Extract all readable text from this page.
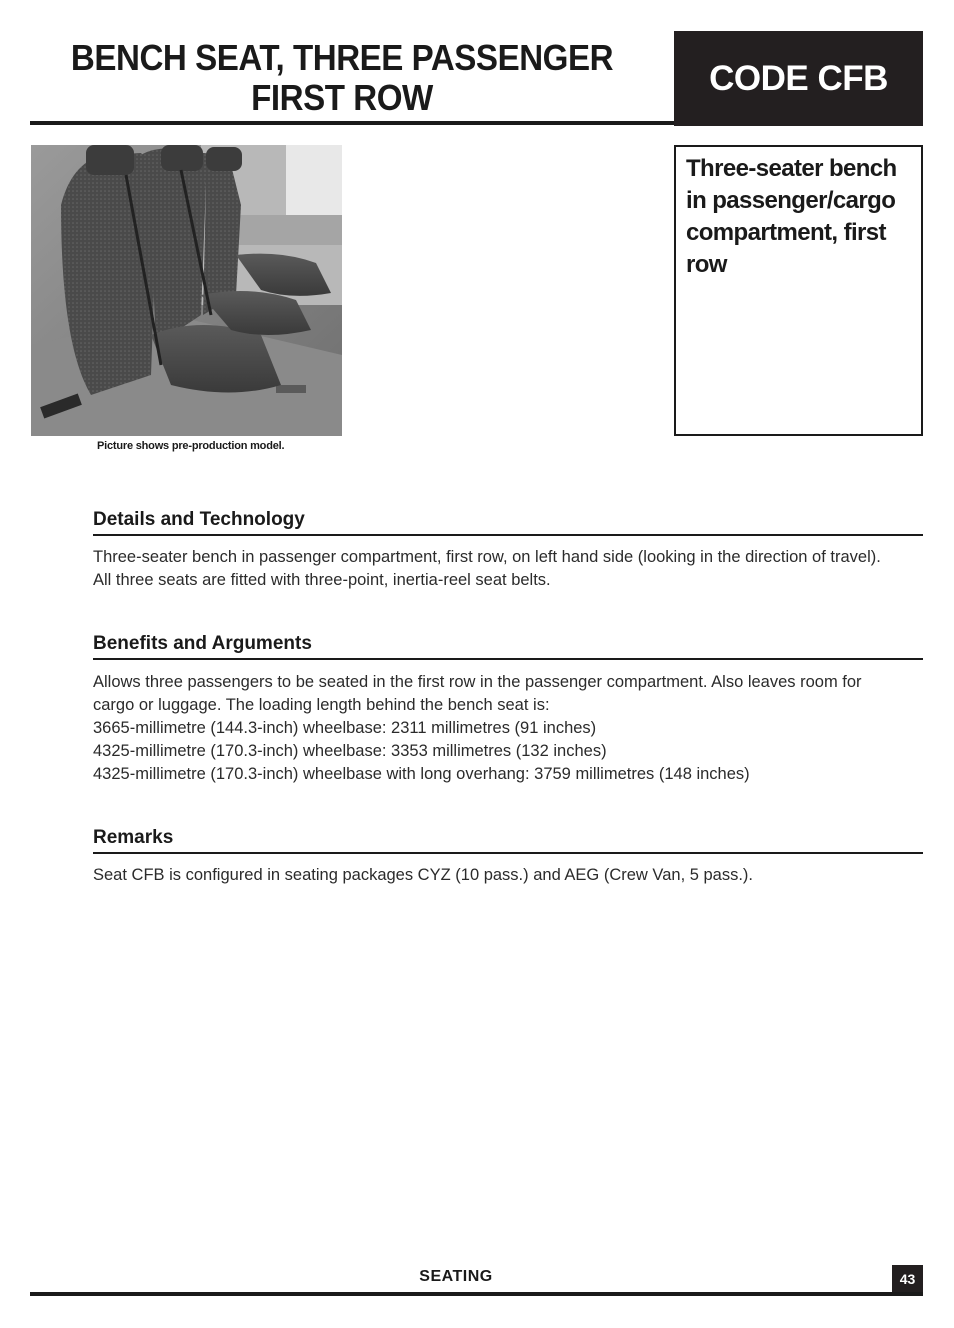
BENCH SEAT, THREE PASSENGER
FIRST ROW	CODE CFB
Picture shows pre-production model.
Three-seater bench in passenger/cargo compartment, first row
Details and Technology

Three-seater bench in passenger compartment, first row, on left hand side (looking in the direction of travel). All three seats are fitted with three-point, inertia-reel seat belts.

Benefits and Arguments

Allows three passengers to be seated in the first row in the passenger compartment. Also leaves room for cargo or luggage. The loading length behind the bench seat is:

3665-millimetre (144.3-inch) wheelbase: 2311 millimetres (91 inches)

4325-millimetre (170.3-inch) wheelbase: 3353 millimetres (132 inches)

4325-millimetre (170.3-inch) wheelbase with long overhang: 3759 millimetres (148 inches)

Remarks

Seat CFB is configured in seating packages CYZ (10 pass.) and AEG (Crew Van, 5 pass.).

SEATING	43
